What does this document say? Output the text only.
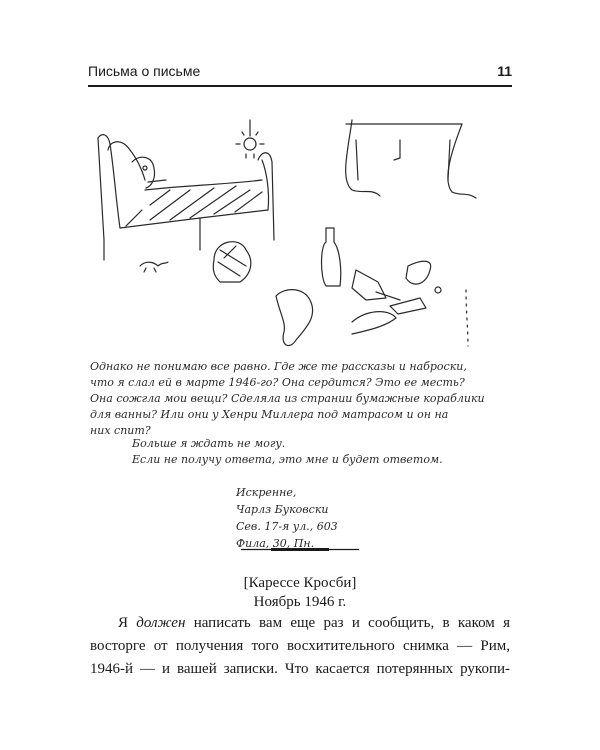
Письма о письме	11
Однако не понимаю все равно. Где же те рассказы и наброски,
что я слал ей в марте 1946-го? Она сердится? Это ее месть?
Она сожгла мои вещи? Сделяла из странии бумажные кораблики
для ванны? Или они у Хенри Миллера под матрасом и он на
них спит?
Больше я ждать не могу.
Если не получу ответа, это мне и будет ответом.
Искренне,
Чарлз Буковски
Сев. 17-я ул., 603
Фила, 30, Пн.
[Карессе Кросби]
Ноябрь 1946 г.
Я должен написать вам еще раз и сообщить, в каком я
восторге от получения того восхитительного снимка — Рим,
1946-й — и вашей записки. Что касается потерянных рукопи-
